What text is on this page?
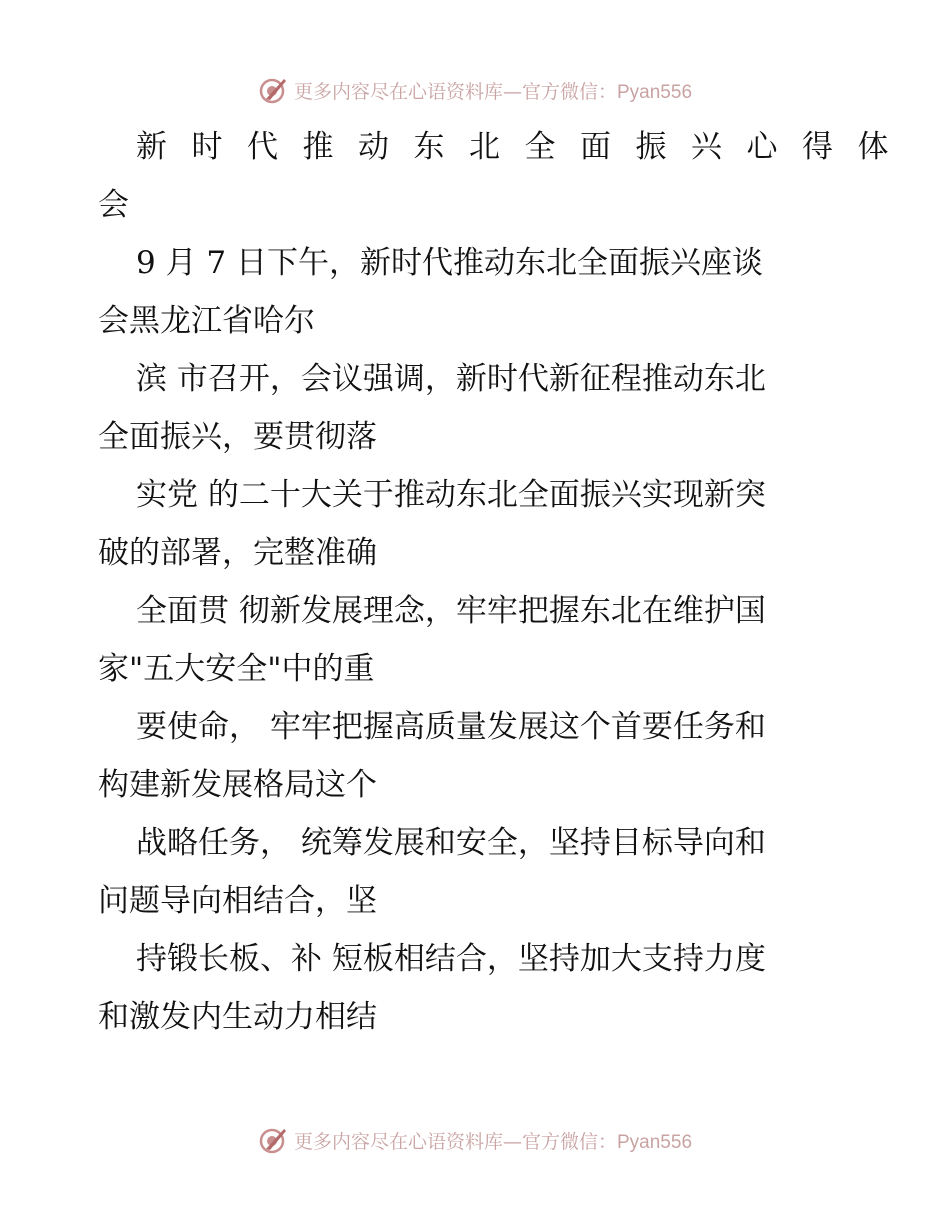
更多内容尽在心语资料库—官方微信：Pyan556
新时代推动东北全面振兴心得体
会
9 月 7 日下午，新时代推动东北全面振兴座谈
会黑龙江省哈尔
滨 市召开，会议强调，新时代新征程推动东北
全面振兴，要贯彻落
实党 的二十大关于推动东北全面振兴实现新突
破的部署，完整准确
全面贯 彻新发展理念，牢牢把握东北在维护国
家"五大安全"中的重
要使命， 牢牢把握高质量发展这个首要任务和
构建新发展格局这个
战略任务， 统筹发展和安全，坚持目标导向和
问题导向相结合，坚
持锻长板、补 短板相结合，坚持加大支持力度
和激发内生动力相结
更多内容尽在心语资料库—官方微信：Pyan556
